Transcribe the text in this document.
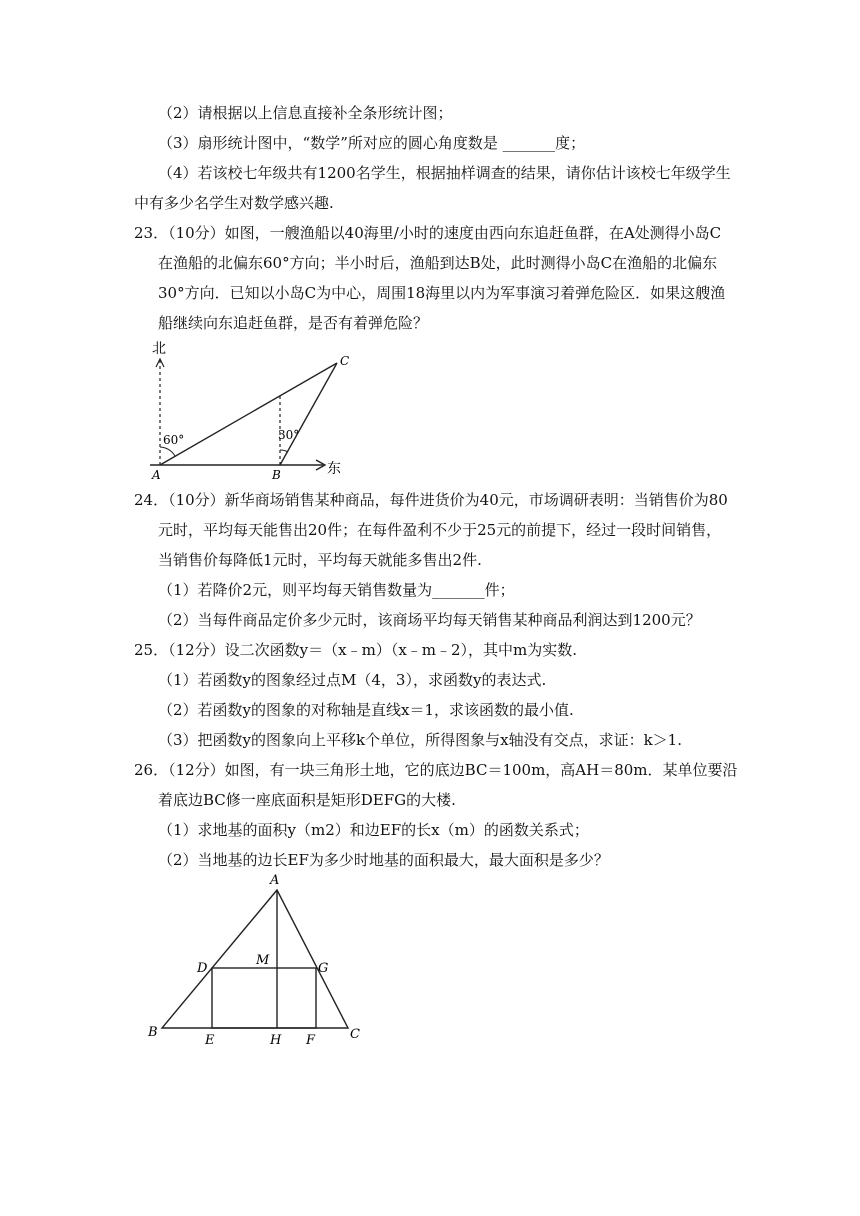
（2）请根据以上信息直接补全条形统计图；
（3）扇形统计图中，“数学”所对应的圆心角度数是 _______度；
（4）若该校七年级共有1200名学生，根据抽样调查的结果，请你估计该校七年级学生
中有多少名学生对数学感兴趣.
23．（10分）如图，一艘渔船以40海里/小时的速度由西向东追赶鱼群，在A处测得小岛C
在渔船的北偏东60°方向；半小时后，渔船到达B处，此时测得小岛C在渔船的北偏东
30°方向．已知以小岛C为中心，周围18海里以内为军事演习着弹危险区．如果这艘渔
船继续向东追赶鱼群，是否有着弹危险？
北
东
A	B
C
60°	30°
24．（10分）新华商场销售某种商品，每件进货价为40元，市场调研表明：当销售价为80
元时，平均每天能售出20件；在每件盈利不少于25元的前提下，经过一段时间销售，
当销售价每降低1元时，平均每天就能多售出2件.
（1）若降价2元，则平均每天销售数量为_______件；
（2）当每件商品定价多少元时，该商场平均每天销售某种商品利润达到1200元？
25．（12分）设二次函数y＝（x﹣m）（x﹣m﹣2），其中m为实数.
（1）若函数y的图象经过点M（4，3），求函数y的表达式.
（2）若函数y的图象的对称轴是直线x＝1，求该函数的最小值.
（3）把函数y的图象向上平移k个单位，所得图象与x轴没有交点，求证：k＞1.
26．（12分）如图，有一块三角形土地，它的底边BC＝100m，高AH＝80m．某单位要沿
着底边BC修一座底面积是矩形DEFG的大楼.
（1）求地基的面积y（m2）和边EF的长x（m）的函数关系式；
（2）当地基的边长EF为多少时地基的面积最大，最大面积是多少？
A
B	C
D	G
M
E	H F
